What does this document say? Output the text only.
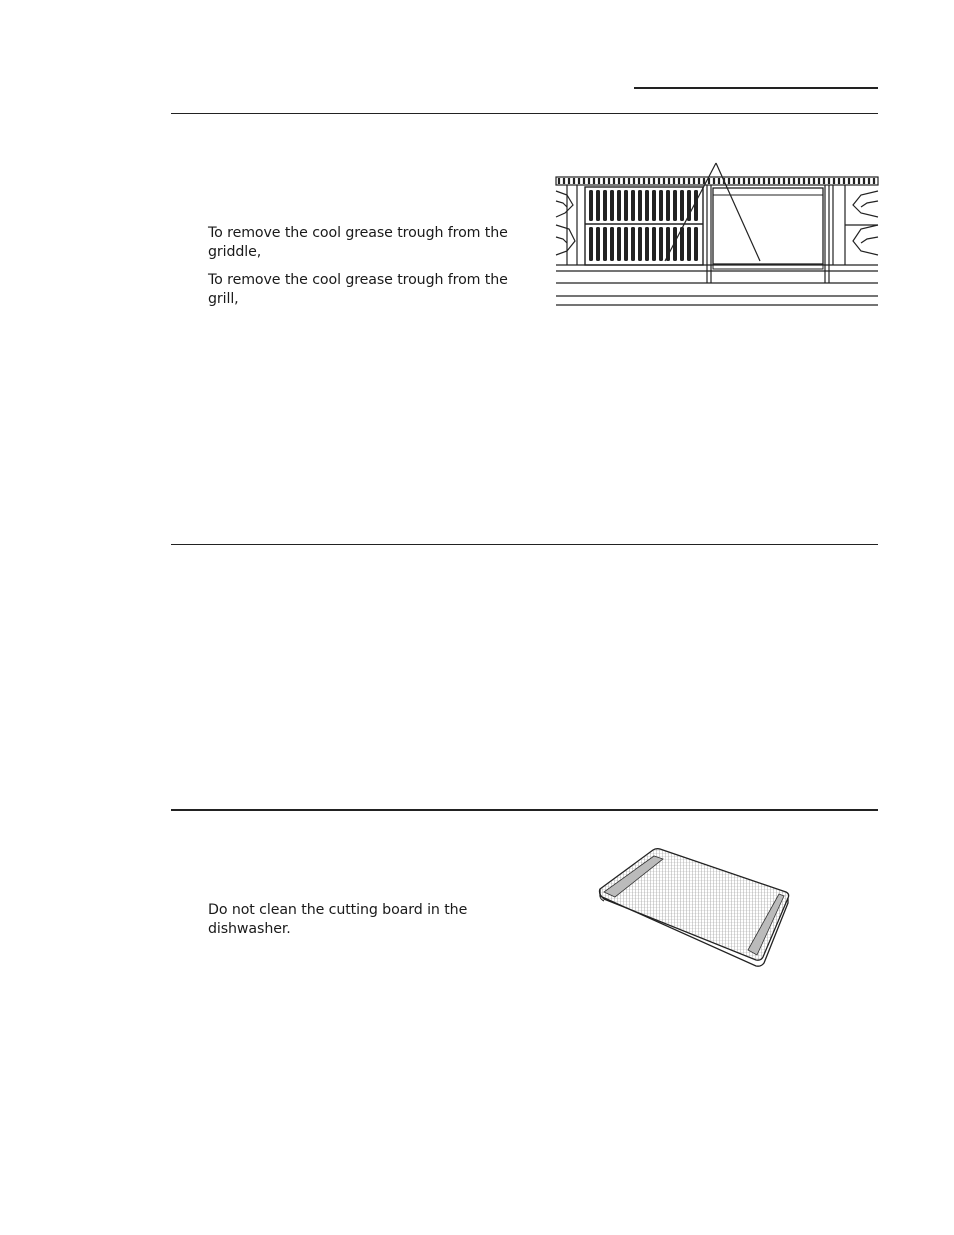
To remove the cool grease trough from the griddle,
To remove the cool grease trough from the grill,
Do not clean the cutting board in the dishwasher.
